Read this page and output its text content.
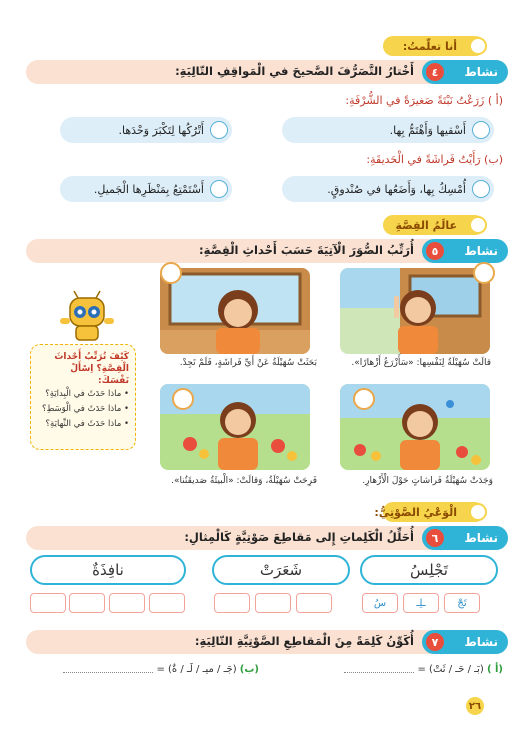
أنا تعلّمتُ:
نشاط
٤
أَخْتارُ التَّصَرُّفَ الصَّحيحَ في الْمَواقِفِ التّالِيَةِ:
(أ ) زَرَعْتُ نَبْتَةً صَغيرَةً في الشُّرْفَةِ:
أَسْقيها وَأَهْتَمُّ بِها.
أَتْرُكُها لِتَكْبَرَ وَحْدَها.
(ب) رَأَيْتُ فَراشَةً في الْحَديقَةِ:
أُمْسِكُ بِها، وَأَضَعُها في صُنْدوقٍ.
أَسْتَمْتِعُ بِمَنْظَرِها الْجَميلِ.
عالَمُ القِصَّةِ
نشاط
٥
أُرَتِّبُ الصُّوَرَ الْآتِيَةَ حَسَبَ أَحْداثِ الْقِصَّةِ:
قالَتْ سُهَيْلَةُ لِنَفْسِها: «سَأَزْرَعُ أَزْهارًا».
بَحَثَتْ سُهَيْلَةُ عَنْ أَيِّ فَراشَةٍ، فَلَمْ تَجِدْ.
وَجَدَتْ سُهَيْلَةُ فَراشاتٍ حَوْلَ الْأَزْهارِ.
فَرِحَتْ سُهَيْلَةُ، وَقالَتْ: «الْبيئَةُ صَديقَتُنا».
كَيْفَ تُرَتِّبُ أَحْداثَ الْقِصَّةِ؟ اِسْأَلْ نَفْسَكَ:
• ماذا حَدَثَ في الْبِدايَةِ؟
• ماذا حَدَثَ في الْوَسَطِ؟
• ماذا حَدَثَ في النِّهايَةِ؟
الْوَعْيُ الصَّوْتِيُّ:
نشاط
٦
أُحَلِّلُ الْكَلِماتِ إِلى مَقاطِعَ صَوْتِيَّةٍ كَالْمِثالِ:
تَجْلِسُ
شَعَرَتْ
نافِذَةٌ
تَجْ
ـلِـ
سُ
نشاط
٧
أُكَوِّنُ كَلِمَةً مِنَ الْمَقاطِعِ الصَّوْتِيَّةِ التّالِيَةِ:
(أ ) (بَـ / حَـ / ثَتْ) =
(ب) (جَـ / ميـ / لَـ / ةٌ) =
٢٦
